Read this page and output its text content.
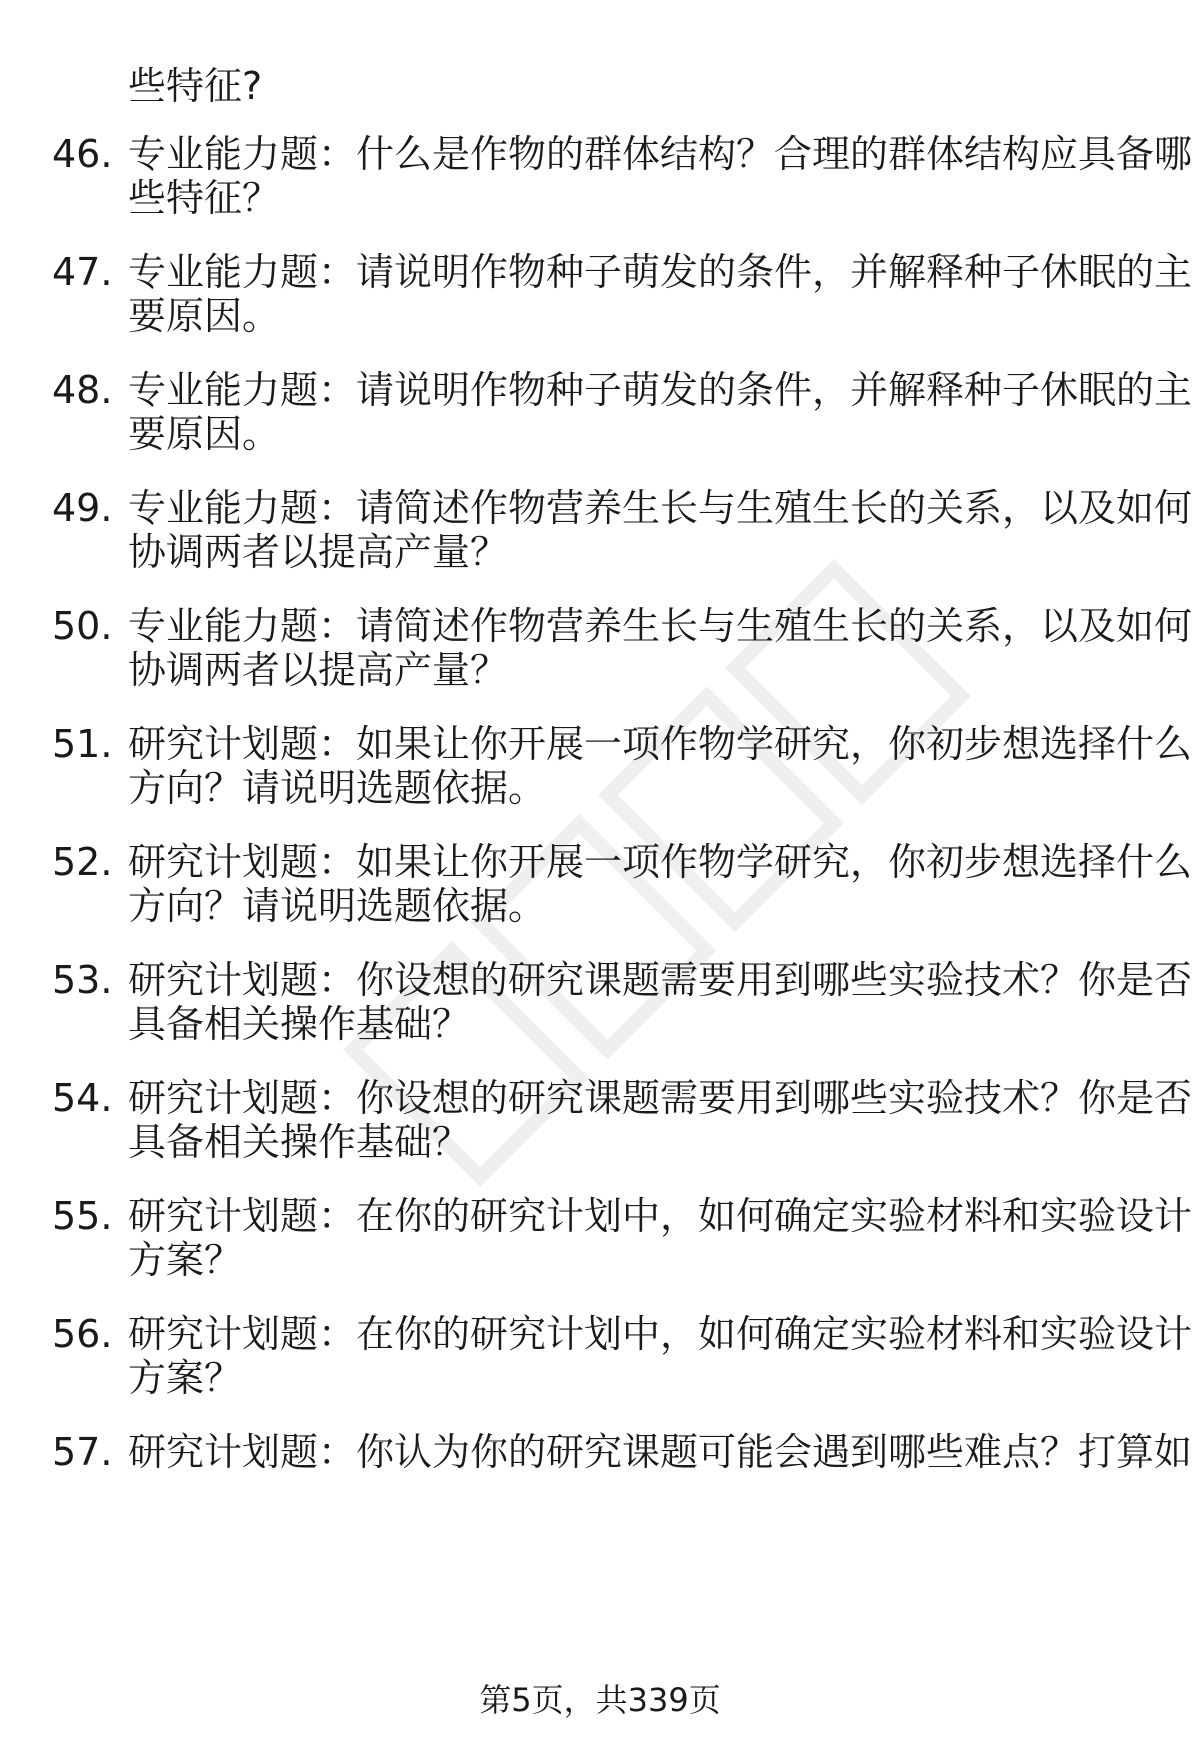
些特征?
46. 专业能力题：什么是作物的群体结构？合理的群体结构应具备哪
些特征？
47. 专业能力题：请说明作物种子萌发的条件，并解释种子休眠的主
要原因。
48. 专业能力题：请说明作物种子萌发的条件，并解释种子休眠的主
要原因。
49. 专业能力题：请简述作物营养生长与生殖生长的关系，以及如何
协调两者以提高产量？
50. 专业能力题：请简述作物营养生长与生殖生长的关系，以及如何
协调两者以提高产量？
51. 研究计划题：如果让你开展一项作物学研究，你初步想选择什么
方向？请说明选题依据。
52. 研究计划题：如果让你开展一项作物学研究，你初步想选择什么
方向？请说明选题依据。
53. 研究计划题：你设想的研究课题需要用到哪些实验技术？你是否
具备相关操作基础？
54. 研究计划题：你设想的研究课题需要用到哪些实验技术？你是否
具备相关操作基础？
55. 研究计划题：在你的研究计划中，如何确定实验材料和实验设计
方案？
56. 研究计划题：在你的研究计划中，如何确定实验材料和实验设计
方案？
57. 研究计划题：你认为你的研究课题可能会遇到哪些难点？打算如
第5页，共339页
